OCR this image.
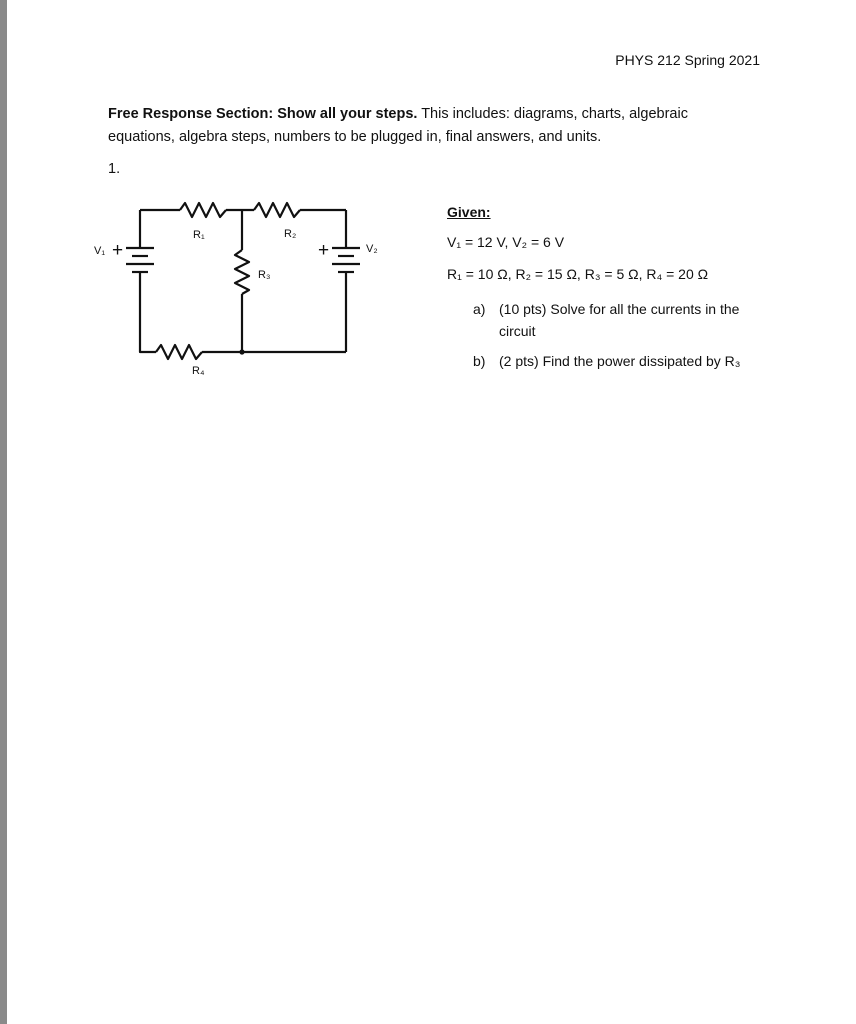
PHYS 212 Spring 2021
Free Response Section: Show all your steps. This includes: diagrams, charts, algebraic equations, algebra steps, numbers to be plugged in, final answers, and units.
1.
V₁ +
R₁	R₂
R₃
+	V₂
R₄
Given:
V₁ = 12 V, V₂ = 6 V
R₁ = 10 Ω, R₂ = 15 Ω, R₃ = 5 Ω, R₄ = 20 Ω
a) (10 pts) Solve for all the currents in the circuit
b) (2 pts) Find the power dissipated by R₃
